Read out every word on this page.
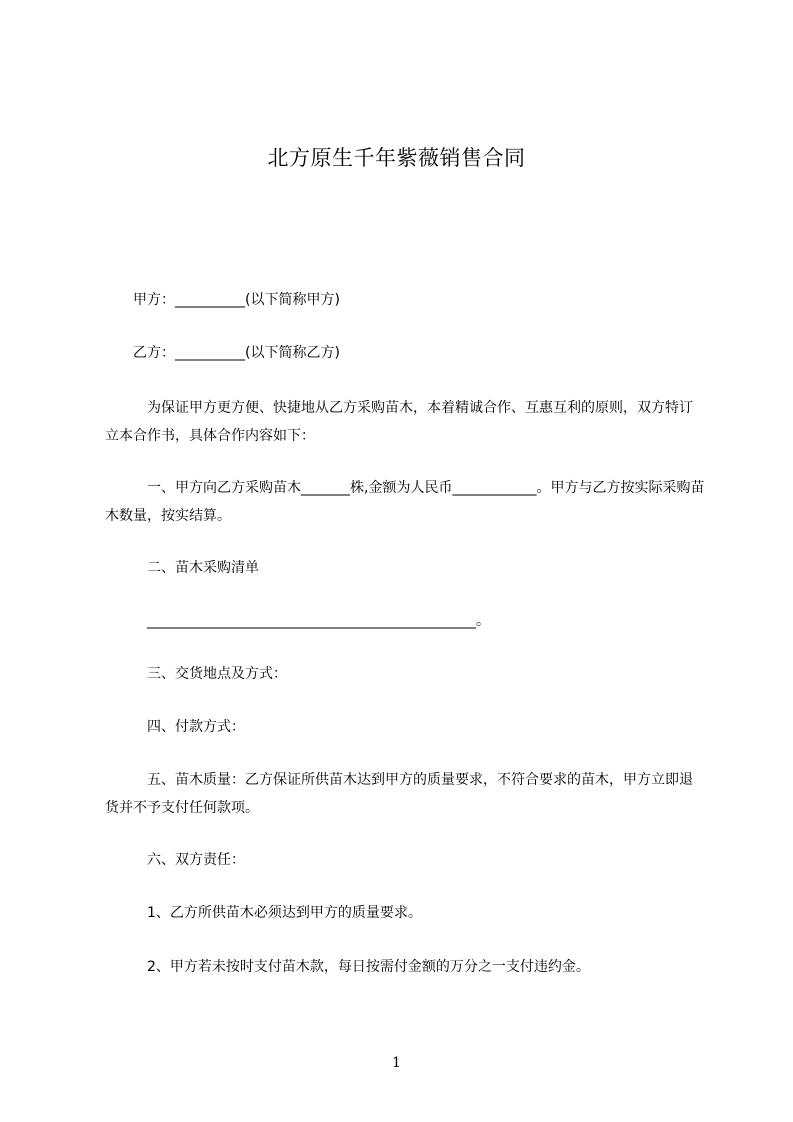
北方原生千年紫薇销售合同
　　甲方：__________(以下简称甲方)
　　乙方：__________(以下简称乙方)
　　　为保证甲方更方便、快捷地从乙方采购苗木，本着精诚合作、互惠互利的原则，双方特订立本合作书，具体合作内容如下：
　　　一、甲方向乙方采购苗木_______株,金额为人民币____________。甲方与乙方按实际采购苗木数量，按实结算。
　　　二、苗木采购清单
　　　_______________________________________________。
　　　三、交货地点及方式：
　　　四、付款方式：
　　　五、苗木质量：乙方保证所供苗木达到甲方的质量要求，不符合要求的苗木，甲方立即退货并不予支付任何款项。
　　　六、双方责任：
　　　1、乙方所供苗木必须达到甲方的质量要求。
　　　2、甲方若未按时支付苗木款，每日按需付金额的万分之一支付违约金。
1
